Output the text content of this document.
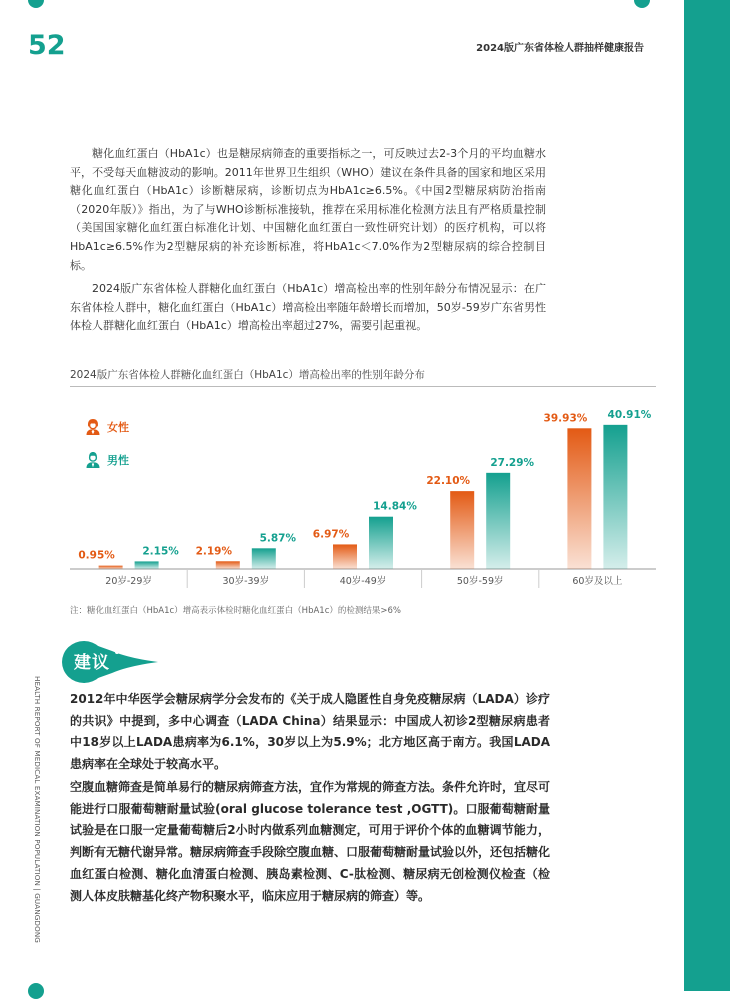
52	2024版广东省体检人群抽样健康报告
HEALTH REPORT OF MEDICAL EXAMINATION POPULATION | GUANGDONG

糖化血红蛋白（HbA1c）也是糖尿病筛查的重要指标之一，可反映过去2-3个月的平均血糖水平，不受每天血糖波动的影响。2011年世界卫生组织（WHO）建议在条件具备的国家和地区采用糖化血红蛋白（HbA1c）诊断糖尿病，诊断切点为HbA1c≥6.5%。《中国2型糖尿病防治指南（2020年版）》指出，为了与WHO诊断标准接轨，推荐在采用标准化检测方法且有严格质量控制（美国国家糖化血红蛋白标准化计划、中国糖化血红蛋白一致性研究计划）的医疗机构，可以将HbA1c≥6.5%作为2型糖尿病的补充诊断标准，将HbA1c＜7.0%作为2型糖尿病的综合控制目标。

2024版广东省体检人群糖化血红蛋白（HbA1c）增高检出率的性别年龄分布情况显示：在广东省体检人群中，糖化血红蛋白（HbA1c）增高检出率随年龄增长而增加，50岁-59岁广东省男性体检人群糖化血红蛋白（HbA1c）增高检出率超过27%，需要引起重视。

2024版广东省体检人群糖化血红蛋白（HbA1c）增高检出率的性别年龄分布
女性
男性
0.95%	2.15%
20岁-29岁
2.19%
5.87%
30岁-39岁
6.97%
14.84%
40岁-49岁
22.10%
27.29%
50岁-59岁
39.93% 40.91%
60岁及以上
注：糖化血红蛋白（HbA1c）增高表示体检时糖化血红蛋白（HbA1c）的检测结果>6%
建议

2012年中华医学会糖尿病学分会发布的《关于成人隐匿性自身免疫糖尿病（LADA）诊疗的共识》中提到，多中心调查（LADA China）结果显示：中国成人初诊2型糖尿病患者中18岁以上LADA患病率为6.1%，30岁以上为5.9%；北方地区高于南方。我国LADA患病率在全球处于较高水平。

空腹血糖筛查是简单易行的糖尿病筛查方法，宜作为常规的筛查方法。条件允许时，宜尽可能进行口服葡萄糖耐量试验(oral glucose tolerance test ,OGTT)。口服葡萄糖耐量试验是在口服一定量葡萄糖后2小时内做系列血糖测定，可用于评价个体的血糖调节能力，判断有无糖代谢异常。糖尿病筛查手段除空腹血糖、口服葡萄糖耐量试验以外，还包括糖化血红蛋白检测、糖化血清蛋白检测、胰岛素检测、C-肽检测、糖尿病无创检测仪检查（检测人体皮肤糖基化终产物积聚水平，临床应用于糖尿病的筛查）等。
